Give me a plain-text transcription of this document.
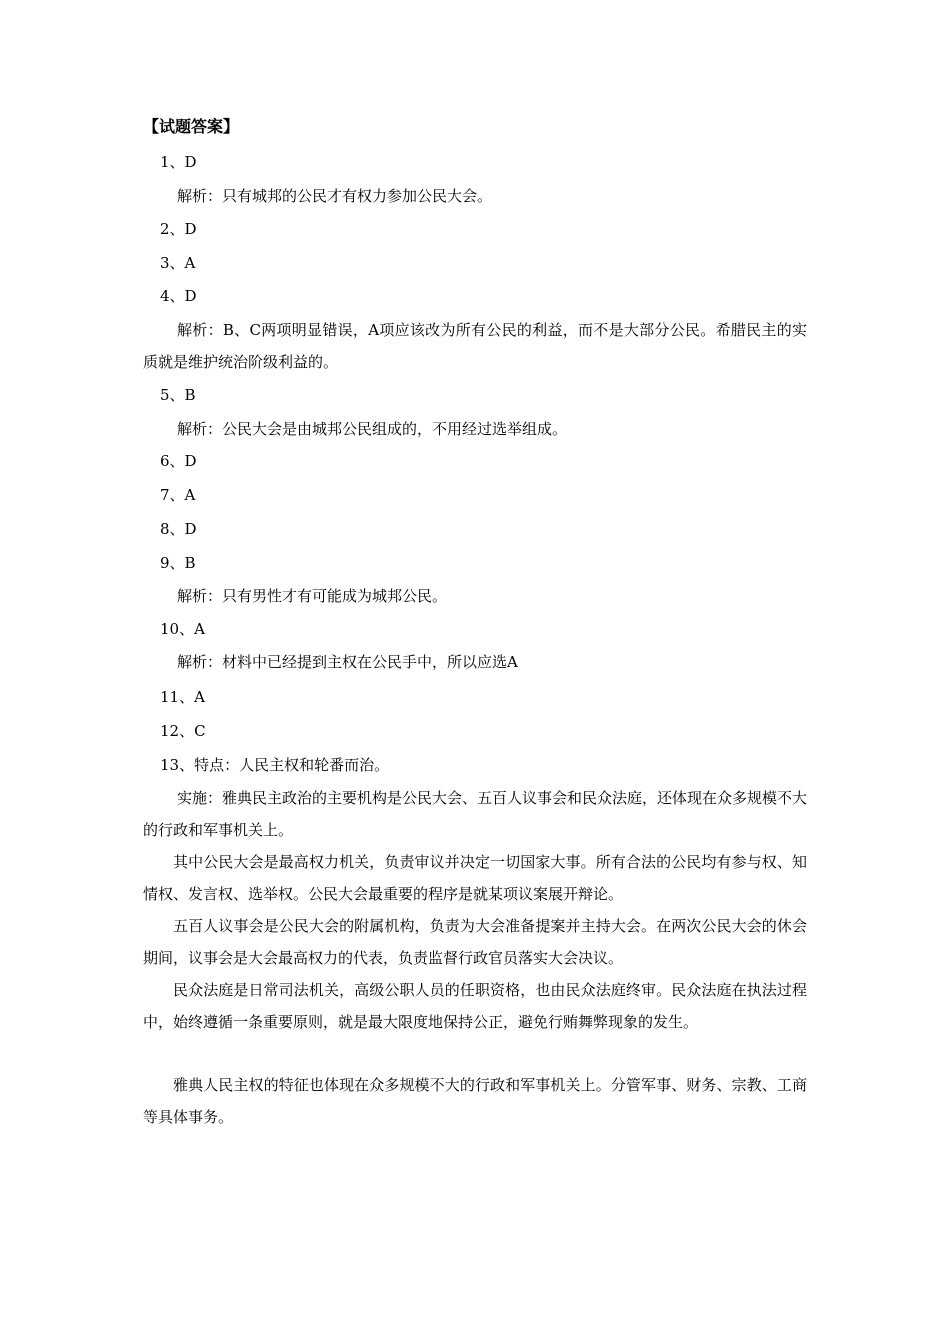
【试题答案】
1、D
解析：只有城邦的公民才有权力参加公民大会。
2、D
3、A
4、D
解析：B、C两项明显错误，A项应该改为所有公民的利益，而不是大部分公民。希腊民主的实质就是维护统治阶级利益的。
5、B
解析：公民大会是由城邦公民组成的，不用经过选举组成。
6、D
7、A
8、D
9、B
解析：只有男性才有可能成为城邦公民。
10、A
解析：材料中已经提到主权在公民手中，所以应选A
11、A
12、C
13、特点：人民主权和轮番而治。
实施：雅典民主政治的主要机构是公民大会、五百人议事会和民众法庭，还体现在众多规模不大的行政和军事机关上。
其中公民大会是最高权力机关，负责审议并决定一切国家大事。所有合法的公民均有参与权、知情权、发言权、选举权。公民大会最重要的程序是就某项议案展开辩论。
五百人议事会是公民大会的附属机构，负责为大会准备提案并主持大会。在两次公民大会的休会期间，议事会是大会最高权力的代表，负责监督行政官员落实大会决议。
民众法庭是日常司法机关，高级公职人员的任职资格，也由民众法庭终审。民众法庭在执法过程中，始终遵循一条重要原则，就是最大限度地保持公正，避免行贿舞弊现象的发生。
雅典人民主权的特征也体现在众多规模不大的行政和军事机关上。分管军事、财务、宗教、工商等具体事务。
